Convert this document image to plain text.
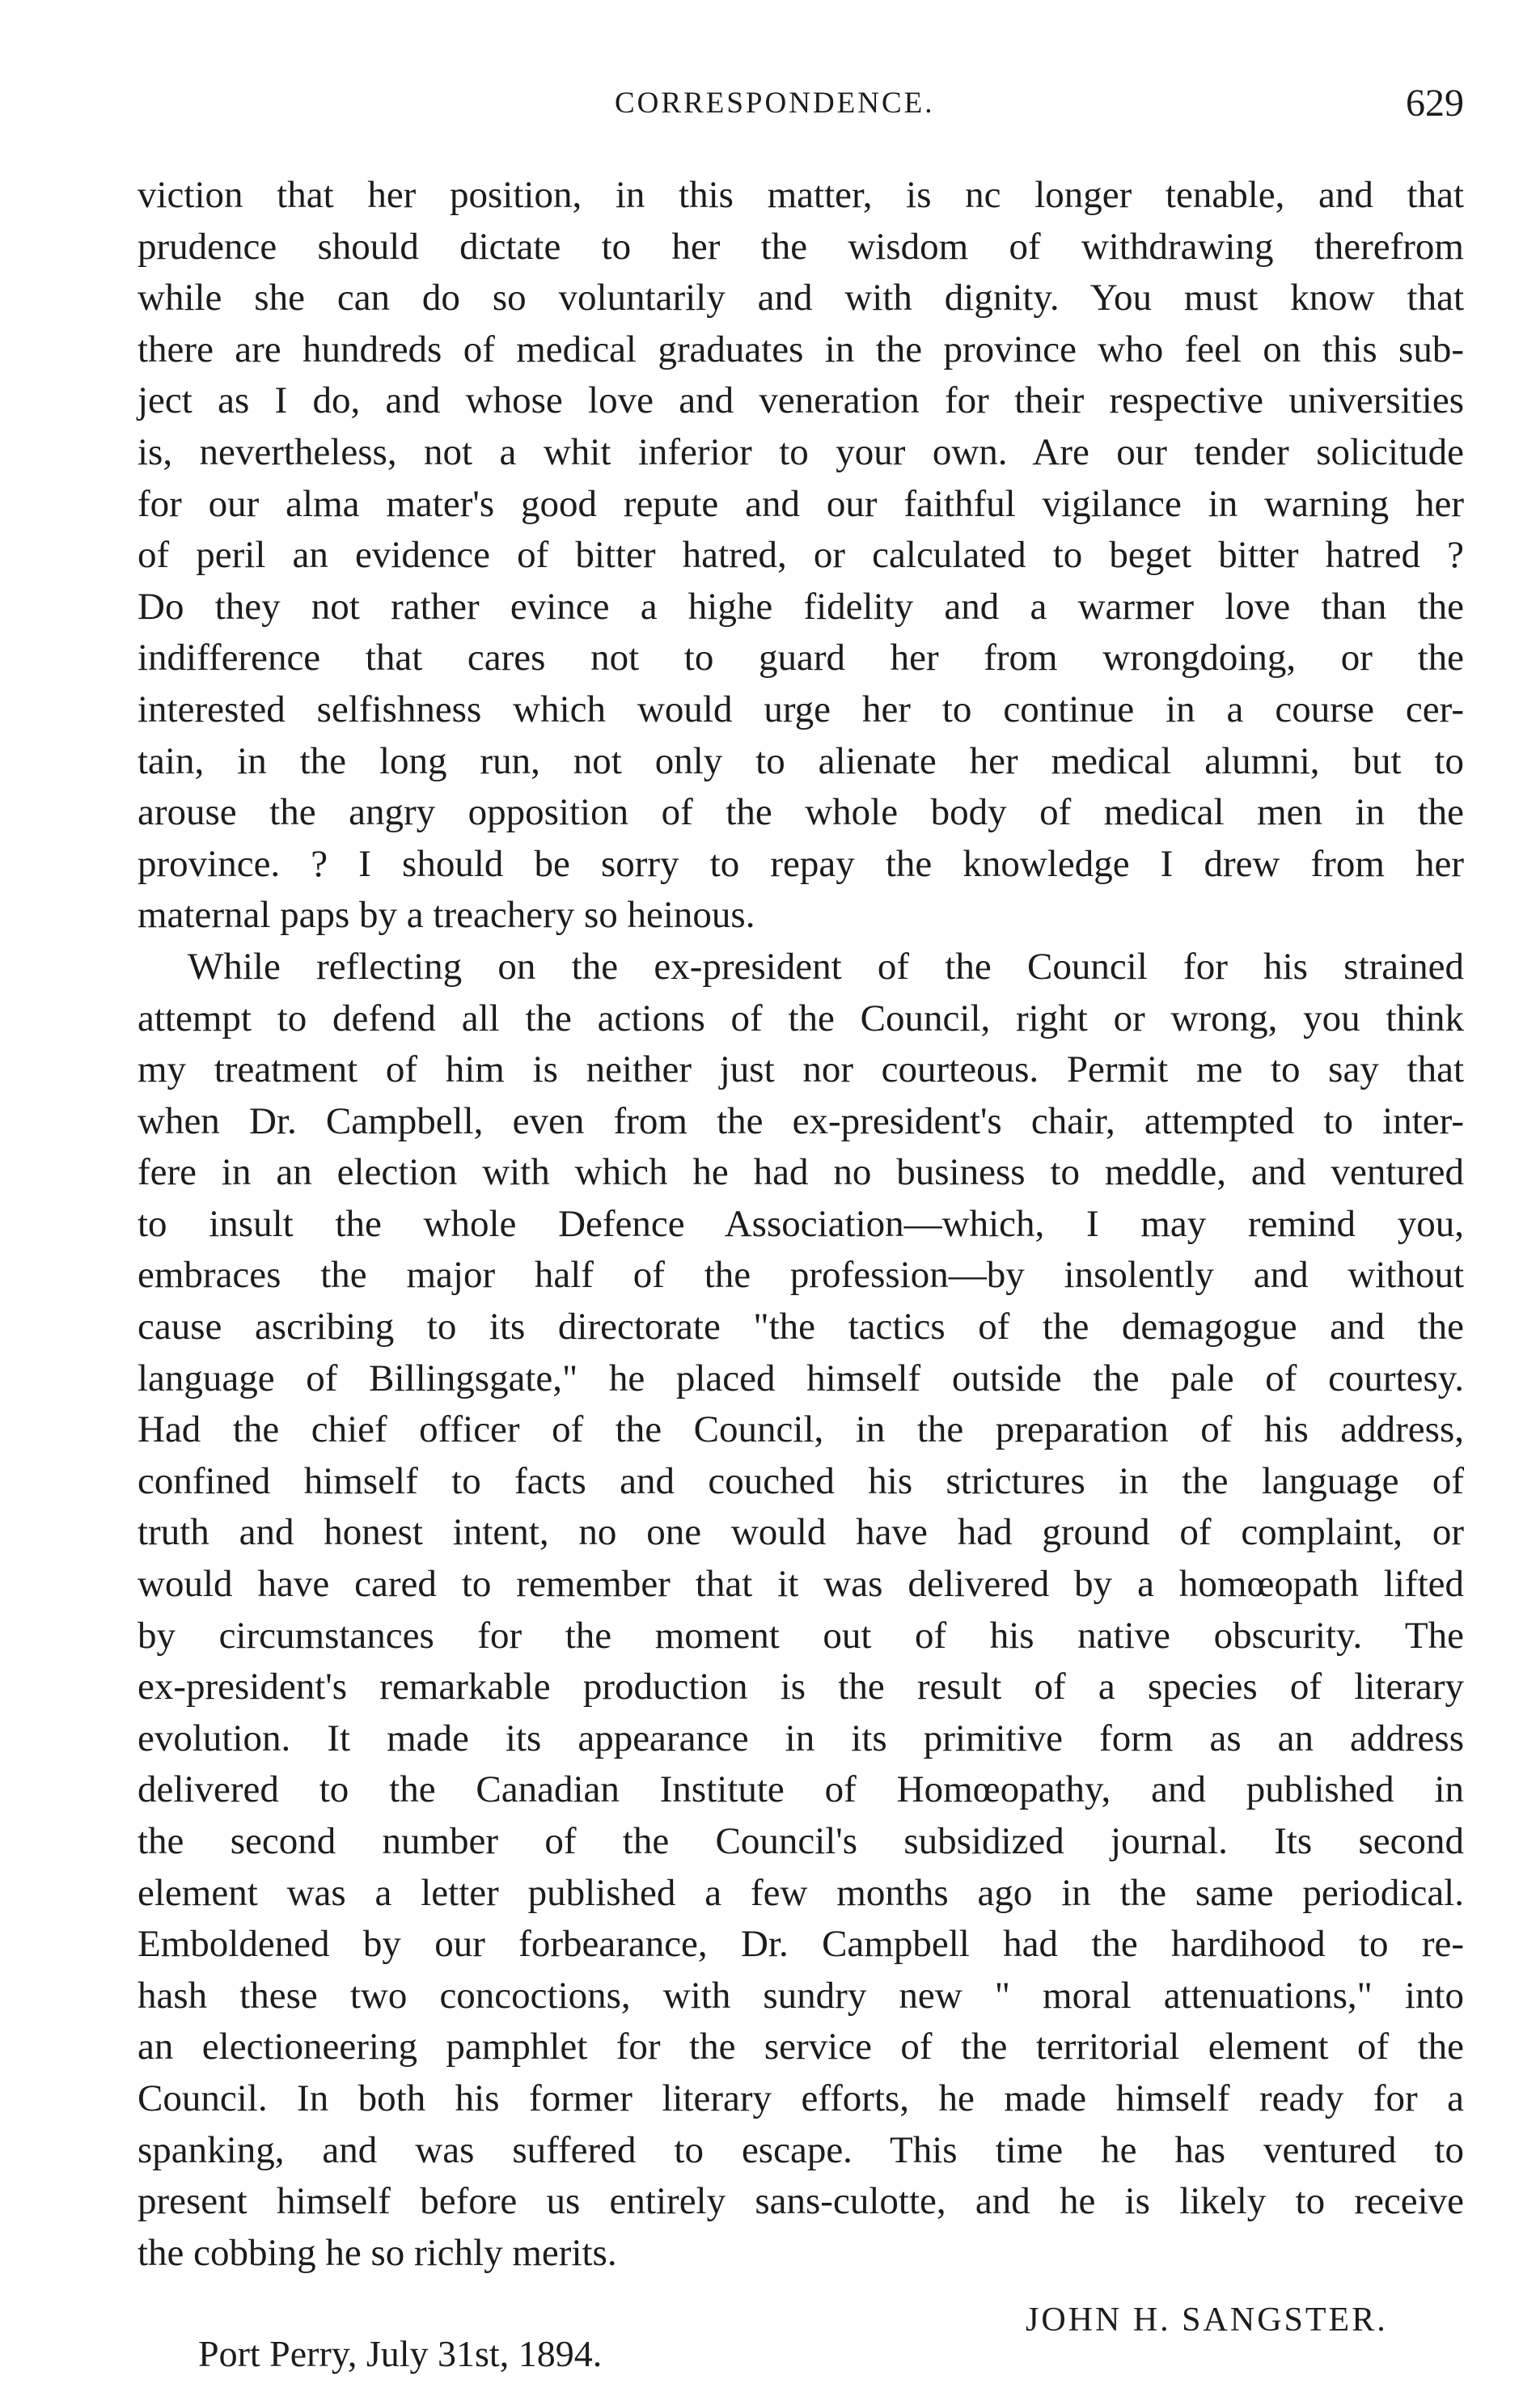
CORRESPONDENCE.	629
viction that her position, in this matter, is nc longer tenable, and that
prudence should dictate to her the wisdom of withdrawing therefrom
while she can do so voluntarily and with dignity. You must know that
there are hundreds of medical graduates in the province who feel on this sub-
ject as I do, and whose love and veneration for their respective universities
is, nevertheless, not a whit inferior to your own. Are our tender solicitude
for our alma mater's good repute and our faithful vigilance in warning her
of peril an evidence of bitter hatred, or calculated to beget bitter hatred ?
Do they not rather evince a highe fidelity and a warmer love than the
indifference that cares not to guard her from wrongdoing, or the
interested selfishness which would urge her to continue in a course cer-
tain, in the long run, not only to alienate her medical alumni, but to
arouse the angry opposition of the whole body of medical men in the
province. ? I should be sorry to repay the knowledge I drew from her
maternal paps by a treachery so heinous.
While reflecting on the ex-president of the Council for his strained
attempt to defend all the actions of the Council, right or wrong, you think
my treatment of him is neither just nor courteous. Permit me to say that
when Dr. Campbell, even from the ex-president's chair, attempted to inter-
fere in an election with which he had no business to meddle, and ventured
to insult the whole Defence Association—which, I may remind you,
embraces the major half of the profession—by insolently and without
cause ascribing to its directorate "the tactics of the demagogue and the
language of Billingsgate," he placed himself outside the pale of courtesy.
Had the chief officer of the Council, in the preparation of his address,
confined himself to facts and couched his strictures in the language of
truth and honest intent, no one would have had ground of complaint, or
would have cared to remember that it was delivered by a homœopath lifted
by circumstances for the moment out of his native obscurity. The
ex-president's remarkable production is the result of a species of literary
evolution. It made its appearance in its primitive form as an address
delivered to the Canadian Institute of Homœopathy, and published in
the second number of the Council's subsidized journal. Its second
element was a letter published a few months ago in the same periodical.
Emboldened by our forbearance, Dr. Campbell had the hardihood to re-
hash these two concoctions, with sundry new " moral attenuations," into
an electioneering pamphlet for the service of the territorial element of the
Council. In both his former literary efforts, he made himself ready for a
spanking, and was suffered to escape. This time he has ventured to
present himself before us entirely sans-culotte, and he is likely to receive
the cobbing he so richly merits.
JOHN H. SANGSTER.
Port Perry, July 31st, 1894.
